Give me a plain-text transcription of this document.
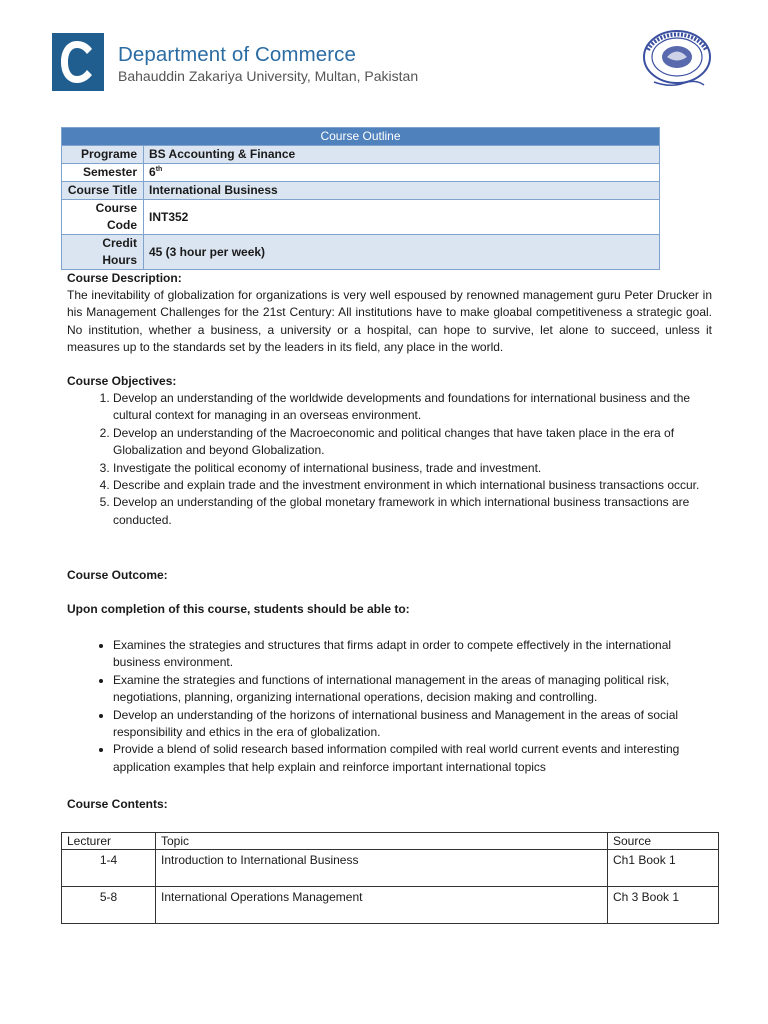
Department of Commerce
Bahauddin Zakariya University, Multan, Pakistan
Course Outline	
Programe	BS Accounting & Finance
Semester	6th
Course Title	International Business
Course Code	INT352
Credit Hours	45 (3 hour per week)
Course Description:
The inevitability of globalization for organizations is very well espoused by renowned management guru Peter Drucker in his Management Challenges for the 21st Century: All institutions have to make gloabal competitiveness a strategic goal. No institution, whether a business, a university or a hospital, can hope to survive, let alone to succeed, unless it measures up to the standards set by the leaders in its field, any place in the world.
Course Objectives:
1. Develop an understanding of the worldwide developments and foundations for international business and the cultural context for managing in an overseas environment.
2. Develop an understanding of the Macroeconomic and political changes that have taken place in the era of Globalization and beyond Globalization.
3. Investigate the political economy of international business, trade and investment.
4. Describe and explain trade and the investment environment in which international business transactions occur.
5. Develop an understanding of the global monetary framework in which international business transactions are conducted.
Course Outcome:
Upon completion of this course, students should be able to:
• Examines the strategies and structures that firms adapt in order to compete effectively in the international business environment.
• Examine the strategies and functions of international management in the areas of managing political risk, negotiations, planning, organizing international operations, decision making and controlling.
• Develop an understanding of the horizons of international business and Management in the areas of social responsibility and ethics in the era of globalization.
• Provide a blend of solid research based information compiled with real world current events and interesting application examples that help explain and reinforce important international topics
Course Contents:
Lecturer	Topic	Source
1-4	Introduction to International Business	Ch1 Book 1
5-8	International Operations Management	Ch 3 Book 1
